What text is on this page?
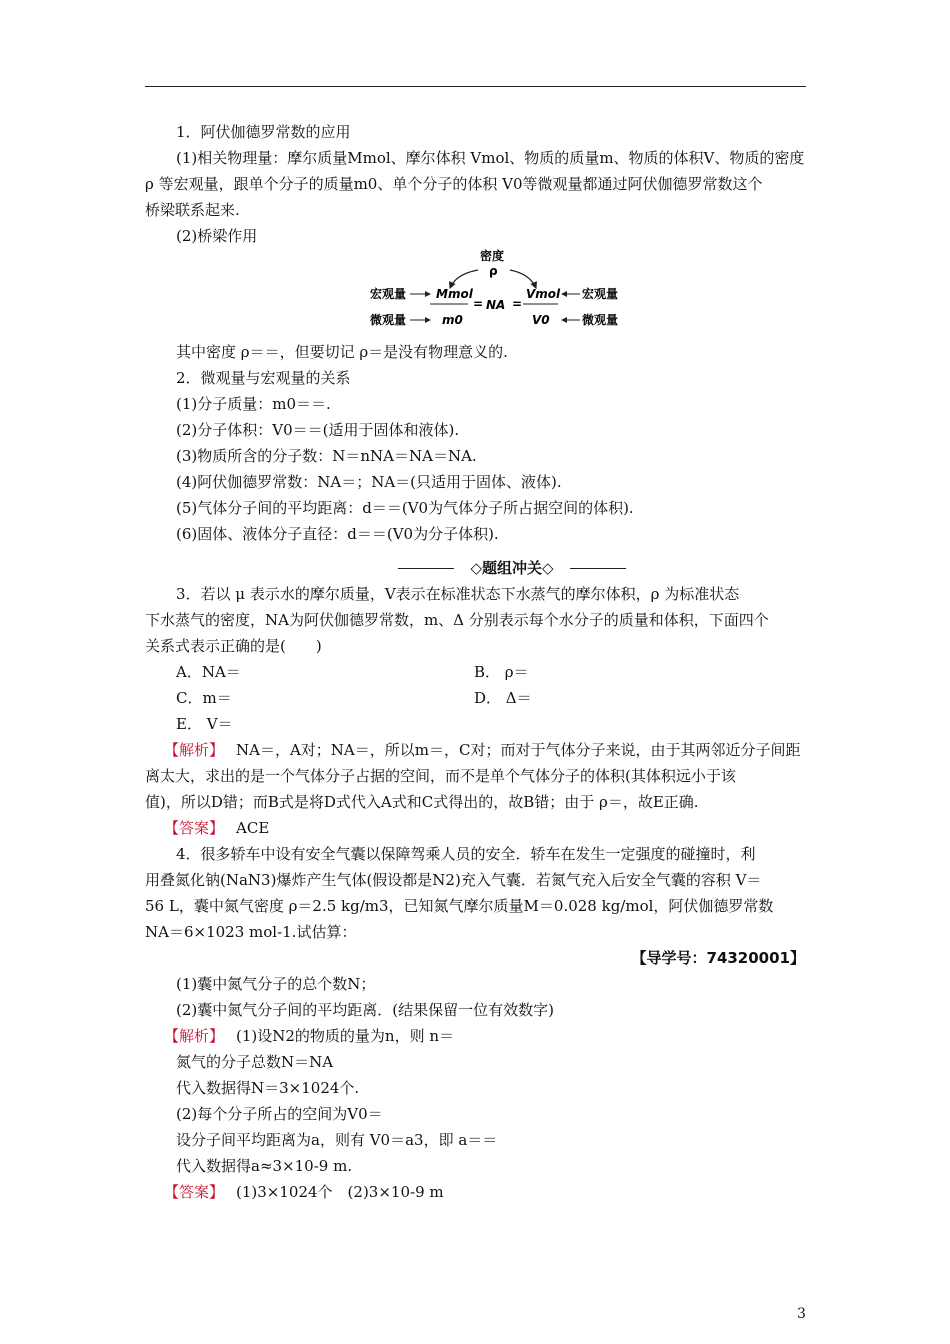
1．阿伏伽德罗常数的应用
(1)相关物理量：摩尔质量Mmol、摩尔体积 Vmol、物质的质量m、物质的体积V、物质的密度
ρ 等宏观量，跟单个分子的质量m0、单个分子的体积 V0等微观量都通过阿伏伽德罗常数这个
桥梁联系起来.
(2)桥梁作用
密度
ρ
宏观量 Mmol
微观量	m0
= NA =
Vmol
V0
宏观量
微观量
其中密度 ρ＝＝，但要切记 ρ＝是没有物理意义的.
2．微观量与宏观量的关系
(1)分子质量：m0＝＝.
(2)分子体积：V0＝＝(适用于固体和液体).
(3)物质所含的分子数：N＝nNA＝NA＝NA.
(4)阿伏伽德罗常数：NA＝；NA＝(只适用于固体、液体).
(5)气体分子间的平均距离：d＝＝(V0为气体分子所占据空间的体积).
(6)固体、液体分子直径：d＝＝(V0为分子体积).
◇题组冲关◇
3．若以 μ 表示水的摩尔质量，V表示在标准状态下水蒸气的摩尔体积，ρ 为标准状态
下水蒸气的密度，NA为阿伏伽德罗常数，m、Δ 分别表示每个水分子的质量和体积，下面四个
关系式表示正确的是(　　)
A．NA＝	B． ρ＝
C．m＝	D． Δ＝
E． V＝
【解析】 NA＝，A对；NA＝，所以m＝，C对；而对于气体分子来说，由于其两邻近分子间距
离太大，求出的是一个气体分子占据的空间，而不是单个气体分子的体积(其体积远小于该
值)，所以D错；而B式是将D式代入A式和C式得出的，故B错；由于 ρ＝，故E正确.
【答案】 ACE
4．很多轿车中设有安全气囊以保障驾乘人员的安全．轿车在发生一定强度的碰撞时，利
用叠氮化钠(NaN3)爆炸产生气体(假设都是N2)充入气囊．若氮气充入后安全气囊的容积 V＝
56 L，囊中氮气密度 ρ＝2.5 kg/m3，已知氮气摩尔质量M＝0.028 kg/mol，阿伏伽德罗常数
NA＝6×1023 mol-1.试估算：
【导学号：74320001】
(1)囊中氮气分子的总个数N；
(2)囊中氮气分子间的平均距离．(结果保留一位有效数字)
【解析】 (1)设N2的物质的量为n，则 n＝
氮气的分子总数N＝NA
代入数据得N＝3×1024个.
(2)每个分子所占的空间为V0＝
设分子间平均距离为a，则有 V0＝a3，即 a＝＝
代入数据得a≈3×10-9 m.
【答案】 (1)3×1024个　(2)3×10-9 m
3
